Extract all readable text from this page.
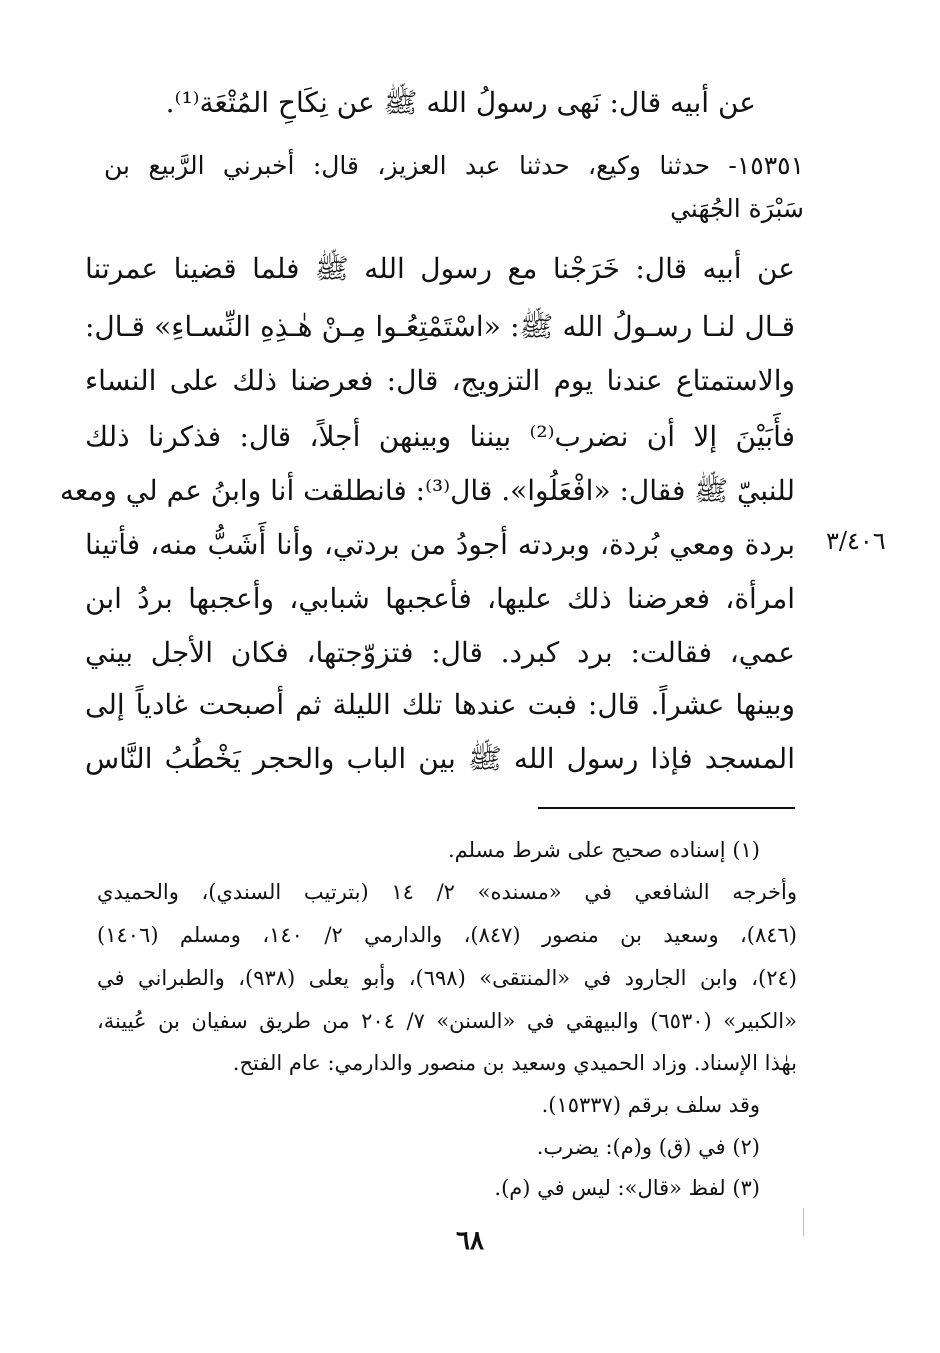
عن أبيه قال: نَهى رسولُ الله ﷺ عن نِكَاحِ المُتْعَة⁽¹⁾.
١٥٣٥١- حدثنا وكيع، حدثنا عبد العزيز، قال: أخبرني الرَّبيع بن
سَبْرَة الجُهَني
عن أبيه قال: خَرَجْنا مع رسول الله ﷺ فلما قضينا عمرتنا
قـال لنـا رسـولُ الله ﷺ: «اسْتَمْتِعُـوا مِـنْ هٰـذِهِ النِّسـاءِ» قـال:
والاستمتاع عندنا يوم التزويج، قال: فعرضنا ذلك على النساء
فأَبَيْنَ إلا أن نضرب⁽²⁾ بيننا وبينهن أجلاً، قال: فذكرنا ذلك
للنبيّ ﷺ فقال: «افْعَلُوا». قال⁽³⁾: فانطلقت أنا وابنُ عم لي ومعه
بردة ومعي بُردة، وبردته أجودُ من بردتي، وأنا أَشَبُّ منه، فأتينا
امرأة، فعرضنا ذلك عليها، فأعجبها شبابي، وأعجبها بردُ ابن
عمي، فقالت: برد كبرد. قال: فتزوّجتها، فكان الأجل بيني
وبينها عشراً. قال: فبت عندها تلك الليلة ثم أصبحت غادياً إلى
المسجد فإذا رسول الله ﷺ بين الباب والحجر يَخْطُبُ النَّاس
٣/٤٠٦
(١) إسناده صحيح على شرط مسلم.
وأخرجه الشافعي في «مسنده» ٢/ ١٤ (بترتيب السندي)، والحميدي
(٨٤٦)، وسعيد بن منصور (٨٤٧)، والدارمي ٢/ ١٤٠، ومسلم (١٤٠٦)
(٢٤)، وابن الجارود في «المنتقى» (٦٩٨)، وأبو يعلى (٩٣٨)، والطبراني في
«الكبير» (٦٥٣٠) والبيهقي في «السنن» ٧/ ٢٠٤ من طريق سفيان بن عُيينة،
بهٰذا الإسناد. وزاد الحميدي وسعيد بن منصور والدارمي: عام الفتح.
وقد سلف برقم (١٥٣٣٧).
(٢) في (ق) و(م): يضرب.
(٣) لفظ «قال»: ليس في (م).
٦٨
